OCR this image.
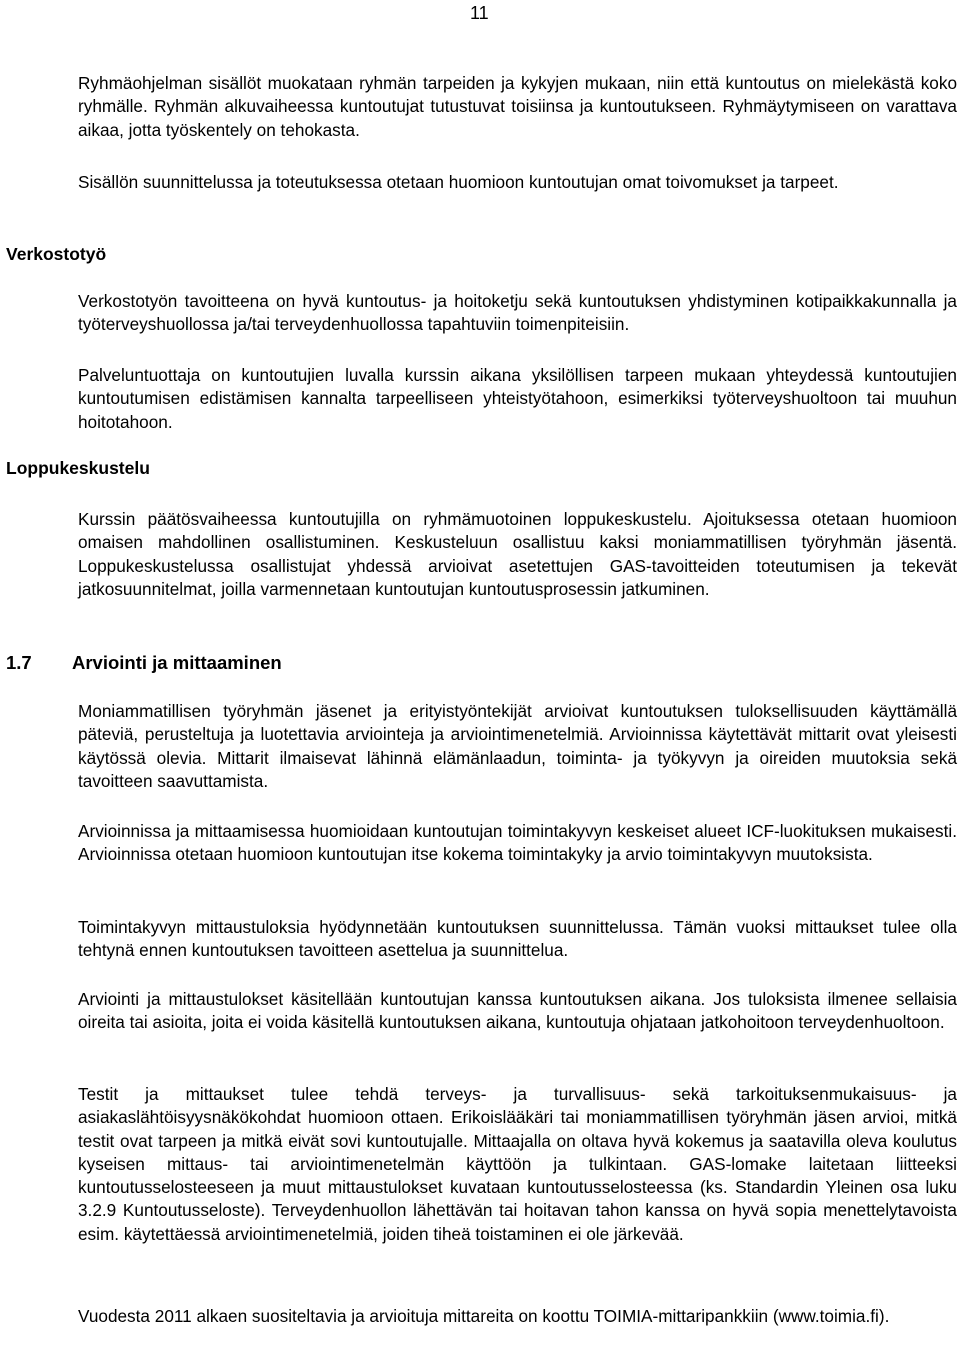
11

Ryhmäohjelman sisällöt muokataan ryhmän tarpeiden ja kykyjen mukaan, niin että kuntoutus on mielekästä koko ryhmälle. Ryhmän alkuvaiheessa kuntoutujat tutustuvat toisiinsa ja kuntoutukseen. Ryhmäytymiseen on varattava aikaa, jotta työskentely on tehokasta.

Sisällön suunnittelussa ja toteutuksessa otetaan huomioon kuntoutujan omat toivomukset ja tarpeet.

Verkostotyö

Verkostotyön tavoitteena on hyvä kuntoutus- ja hoitoketju sekä kuntoutuksen yhdistyminen kotipaikkakunnalla ja työterveyshuollossa ja/tai terveydenhuollossa tapahtuviin toimenpiteisiin.

Palveluntuottaja on kuntoutujien luvalla kurssin aikana yksilöllisen tarpeen mukaan yhteydessä kuntoutujien kuntoutumisen edistämisen kannalta tarpeelliseen yhteistyötahoon, esimerkiksi työterveyshuoltoon tai muuhun hoitotahoon.

Loppukeskustelu

Kurssin päätösvaiheessa kuntoutujilla on ryhmämuotoinen loppukeskustelu. Ajoituksessa otetaan huomioon omaisen mahdollinen osallistuminen. Keskusteluun osallistuu kaksi moniammatillisen työryhmän jäsentä. Loppukeskustelussa osallistujat yhdessä arvioivat asetettujen GAS-tavoitteiden toteutumisen ja tekevät jatkosuunnitelmat, joilla varmennetaan kuntoutujan kuntoutusprosessin jatkuminen.

1.7 Arviointi ja mittaaminen

Moniammatillisen työryhmän jäsenet ja erityistyöntekijät arvioivat kuntoutuksen tuloksellisuuden käyttämällä päteviä, perusteltuja ja luotettavia arviointeja ja arviointimenetelmiä. Arvioinnissa käytettävät mittarit ovat yleisesti käytössä olevia. Mittarit ilmaisevat lähinnä elämänlaadun, toiminta- ja työkyvyn ja oireiden muutoksia sekä tavoitteen saavuttamista.

Arvioinnissa ja mittaamisessa huomioidaan kuntoutujan toimintakyvyn keskeiset alueet ICF-luokituksen mukaisesti. Arvioinnissa otetaan huomioon kuntoutujan itse kokema toimintakyky ja arvio toimintakyvyn muutoksista.

Toimintakyvyn mittaustuloksia hyödynnetään kuntoutuksen suunnittelussa. Tämän vuoksi mittaukset tulee olla tehtynä ennen kuntoutuksen tavoitteen asettelua ja suunnittelua.

Arviointi ja mittaustulokset käsitellään kuntoutujan kanssa kuntoutuksen aikana. Jos tuloksista ilmenee sellaisia oireita tai asioita, joita ei voida käsitellä kuntoutuksen aikana, kuntoutuja ohjataan jatkohoitoon terveydenhuoltoon.

Testit ja mittaukset tulee tehdä terveys- ja turvallisuus- sekä tarkoituksenmukaisuus- ja asiakaslähtöisyysnäkökohdat huomioon ottaen. Erikoislääkäri tai moniammatillisen työryhmän jäsen arvioi, mitkä testit ovat tarpeen ja mitkä eivät sovi kuntoutujalle. Mittaajalla on oltava hyvä kokemus ja saatavilla oleva koulutus kyseisen mittaus- tai arviointimenetelmän käyttöön ja tulkintaan. GAS-lomake laitetaan liitteeksi kuntoutusselosteeseen ja muut mittaustulokset kuvataan kuntoutusselosteessa (ks. Standardin Yleinen osa luku 3.2.9 Kuntoutusseloste). Terveydenhuollon lähettävän tai hoitavan tahon kanssa on hyvä sopia menettelytavoista esim. käytettäessä arviointimenetelmiä, joiden tiheä toistaminen ei ole järkevää.

Vuodesta 2011 alkaen suositeltavia ja arvioituja mittareita on koottu TOIMIA-mittaripankkiin (www.toimia.fi).
